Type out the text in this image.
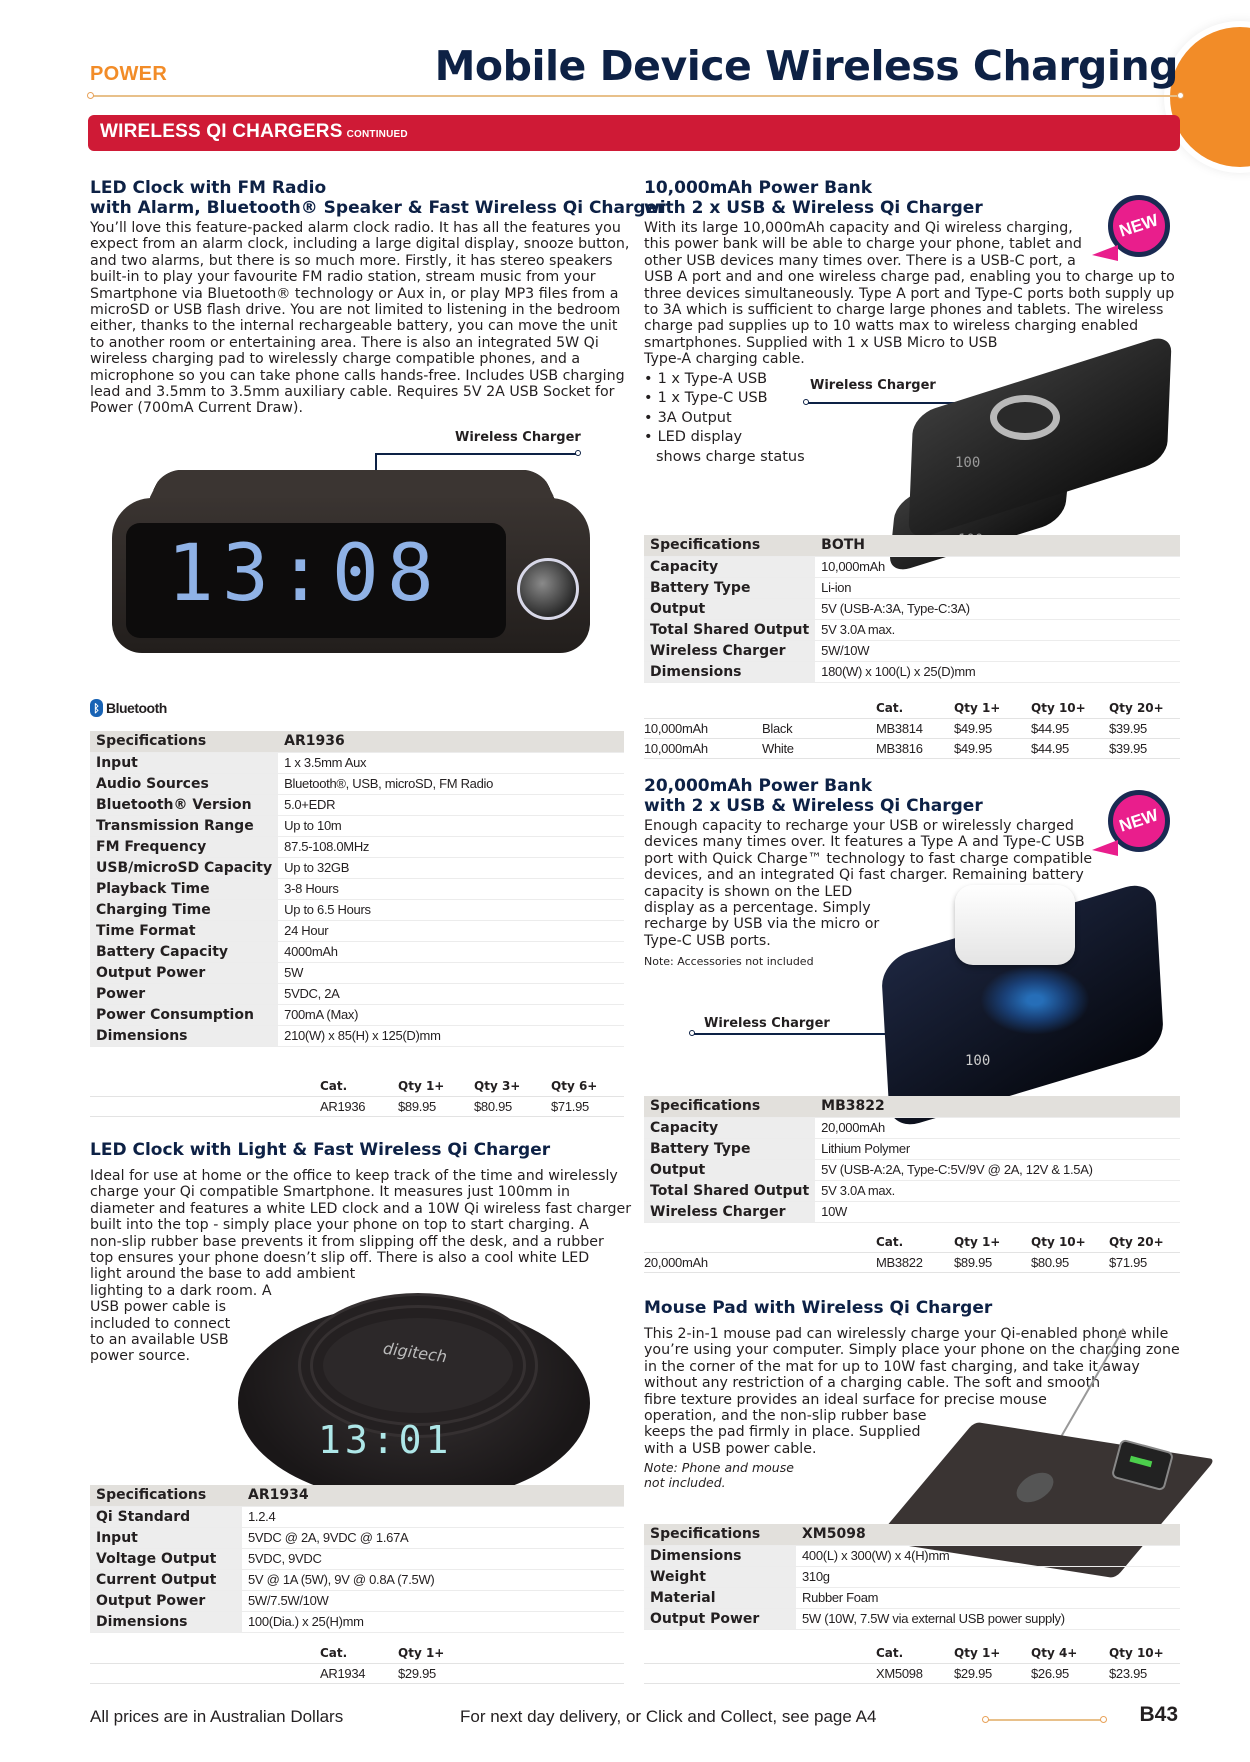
POWER	Mobile Device Wireless Charging
WIRELESS QI CHARGERS CONTINUED
LED Clock with FM Radio
with Alarm, Bluetooth® Speaker & Fast Wireless Qi Charger
You’ll love this feature-packed alarm clock radio. It has all the features you
expect from an alarm clock, including a large digital display, snooze button,
and two alarms, but there is so much more. Firstly, it has stereo speakers
built-in to play your favourite FM radio station, stream music from your
Smartphone via Bluetooth® technology or Aux in, or play MP3 files from a
microSD or USB flash drive. You are not limited to listening in the bedroom
either, thanks to the internal rechargeable battery, you can move the unit
to another room or entertaining area. There is also an integrated 5W Qi
wireless charging pad to wirelessly charge compatible phones, and a
microphone so you can take phone calls hands-free. Includes USB charging
lead and 3.5mm to 3.5mm auxiliary cable. Requires 5V 2A USB Socket for
Power (700mA Current Draw).
Wireless Charger
13:08
ᛒ Bluetooth
Specifications	AR1936
Input	1 x 3.5mm Aux
Audio Sources	Bluetooth®, USB, microSD, FM Radio
Bluetooth® Version	5.0+EDR
Transmission Range	Up to 10m
FM Frequency	87.5-108.0MHz
USB/microSD Capacity	Up to 32GB
Playback Time	3-8 Hours
Charging Time	Up to 6.5 Hours
Time Format	24 Hour
Battery Capacity	4000mAh
Output Power	5W
Power	5VDC, 2A
Power Consumption	700mA (Max)
Dimensions	210(W) x 85(H) x 125(D)mm
	Cat.	Qty 1+	Qty 3+	Qty 6+
	AR1936	$89.95	$80.95	$71.95
LED Clock with Light & Fast Wireless Qi Charger
Ideal for use at home or the office to keep track of the time and wirelessly
charge your Qi compatible Smartphone. It measures just 100mm in
diameter and features a white LED clock and a 10W Qi wireless fast charger
built into the top - simply place your phone on top to start charging. A
non-slip rubber base prevents it from slipping off the desk, and a rubber
top ensures your phone doesn’t slip off. There is also a cool white LED
light around the base to add ambient
lighting to a dark room. A
USB power cable is
included to connect
to an available USB
power source.	digitech
13:01
Specifications	AR1934
Qi Standard	1.2.4
Input	5VDC @ 2A, 9VDC @ 1.67A
Voltage Output	5VDC, 9VDC
Current Output	5V @ 1A (5W), 9V @ 0.8A (7.5W)
Output Power	5W/7.5W/10W
Dimensions	100(Dia.) x 25(H)mm
	Cat.	Qty 1+
	AR1934	$29.95
10,000mAh Power Bank
with 2 x USB & Wireless Qi Charger
With its large 10,000mAh capacity and Qi wireless charging,
this power bank will be able to charge your phone, tablet and
other USB devices many times over. There is a USB-C port, a
USB A port and and one wireless charge pad, enabling you to charge up to
three devices simultaneously. Type A port and Type-C ports both supply up
to 3A which is sufficient to charge large phones and tablets. The wireless
charge pad supplies up to 10 watts max to wireless charging enabled
smartphones. Supplied with 1 x USB Micro to USB
Type-A charging cable.
• 1 x Type-A USB
• 1 x Type-C USB
• 3A Output
• LED display
shows charge status
NEW
Wireless Charger
100
Specifications	BOTH
Capacity	10,000mAh
Battery Type	Li-ion
Output	5V (USB-A:3A, Type-C:3A)
Total Shared Output	5V 3.0A max.
Wireless Charger	5W/10W
Dimensions	180(W) x 100(L) x 25(D)mm
		Cat.	Qty 1+	Qty 10+	Qty 20+
10,000mAh	Black	MB3814	$49.95	$44.95	$39.95
10,000mAh	White	MB3816	$49.95	$44.95	$39.95
20,000mAh Power Bank
with 2 x USB & Wireless Qi Charger
Enough capacity to recharge your USB or wirelessly charged
devices many times over. It features a Type A and Type-C USB
port with Quick Charge™ technology to fast charge compatible
devices, and an integrated Qi fast charger. Remaining battery
capacity is shown on the LED
display as a percentage. Simply
recharge by USB via the micro or
Type-C USB ports.
Note: Accessories not included
NEW
Wireless Charger
100
Specifications	MB3822
Capacity	20,000mAh
Battery Type	Lithium Polymer
Output	5V (USB-A:2A, Type-C:5V/9V @ 2A, 12V & 1.5A)
Total Shared Output	5V 3.0A max.
Wireless Charger	10W
	Cat.	Qty 1+	Qty 10+	Qty 20+
20,000mAh	MB3822	$89.95	$80.95	$71.95
Mouse Pad with Wireless Qi Charger
This 2-in-1 mouse pad can wirelessly charge your Qi-enabled phone while
you’re using your computer. Simply place your phone on the charging zone
in the corner of the mat for up to 10W fast charging, and take it away
without any restriction of a charging cable. The soft and smooth
fibre texture provides an ideal surface for precise mouse
operation, and the non-slip rubber base
keeps the pad firmly in place. Supplied
with a USB power cable.
Note: Phone and mouse
not included.
Specifications	XM5098
Dimensions	400(L) x 300(W) x 4(H)mm
Weight	310g
Material	Rubber Foam
Output Power	5W (10W, 7.5W via external USB power supply)
	Cat.	Qty 1+	Qty 4+	Qty 10+
	XM5098	$29.95	$26.95	$23.95
All prices are in Australian Dollars	For next day delivery, or Click and Collect, see page A4	B43
